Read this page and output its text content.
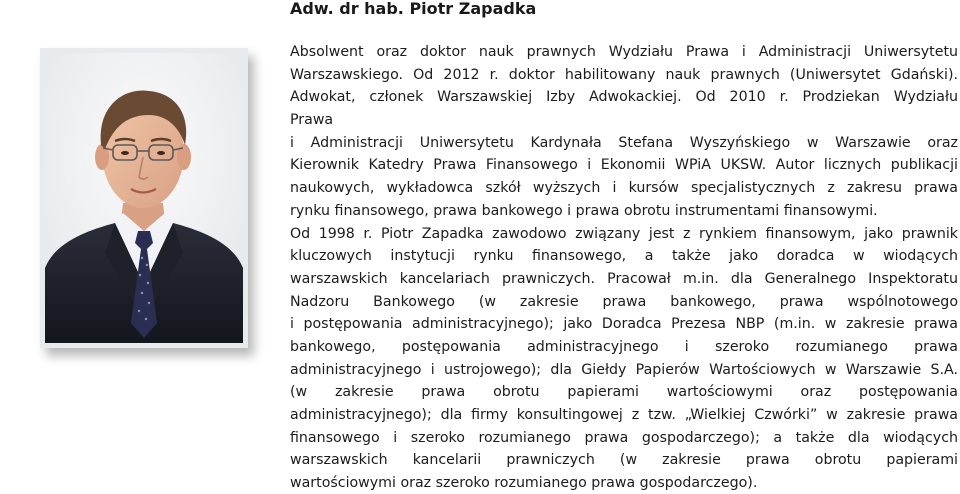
Adw. dr hab. Piotr Zapadka
Absolwent oraz doktor nauk prawnych Wydziału Prawa i Administracji Uniwersytetu
Warszawskiego. Od 2012 r. doktor habilitowany nauk prawnych (Uniwersytet Gdański).
Adwokat, członek Warszawskiej Izby Adwokackiej. Od 2010 r. Prodziekan Wydziału
Prawa
i Administracji Uniwersytetu Kardynała Stefana Wyszyńskiego w Warszawie oraz
Kierownik Katedry Prawa Finansowego i Ekonomii WPiA UKSW. Autor licznych publikacji
naukowych, wykładowca szkół wyższych i kursów specjalistycznych z zakresu prawa
rynku finansowego, prawa bankowego i prawa obrotu instrumentami finansowymi.
Od 1998 r. Piotr Zapadka zawodowo związany jest z rynkiem finansowym, jako prawnik
kluczowych instytucji rynku finansowego, a także jako doradca w wiodących
warszawskich kancelariach prawniczych. Pracował m.in. dla Generalnego Inspektoratu
Nadzoru Bankowego (w zakresie prawa bankowego, prawa wspólnotowego
i postępowania administracyjnego); jako Doradca Prezesa NBP (m.in. w zakresie prawa
bankowego, postępowania administracyjnego i szeroko rozumianego prawa
administracyjnego i ustrojowego); dla Giełdy Papierów Wartościowych w Warszawie S.A.
(w zakresie prawa obrotu papierami wartościowymi oraz postępowania
administracyjnego); dla firmy konsultingowej z tzw. „Wielkiej Czwórki” w zakresie prawa
finansowego i szeroko rozumianego prawa gospodarczego); a także dla wiodących
warszawskich kancelarii prawniczych (w zakresie prawa obrotu papierami
wartościowymi oraz szeroko rozumianego prawa gospodarczego).
